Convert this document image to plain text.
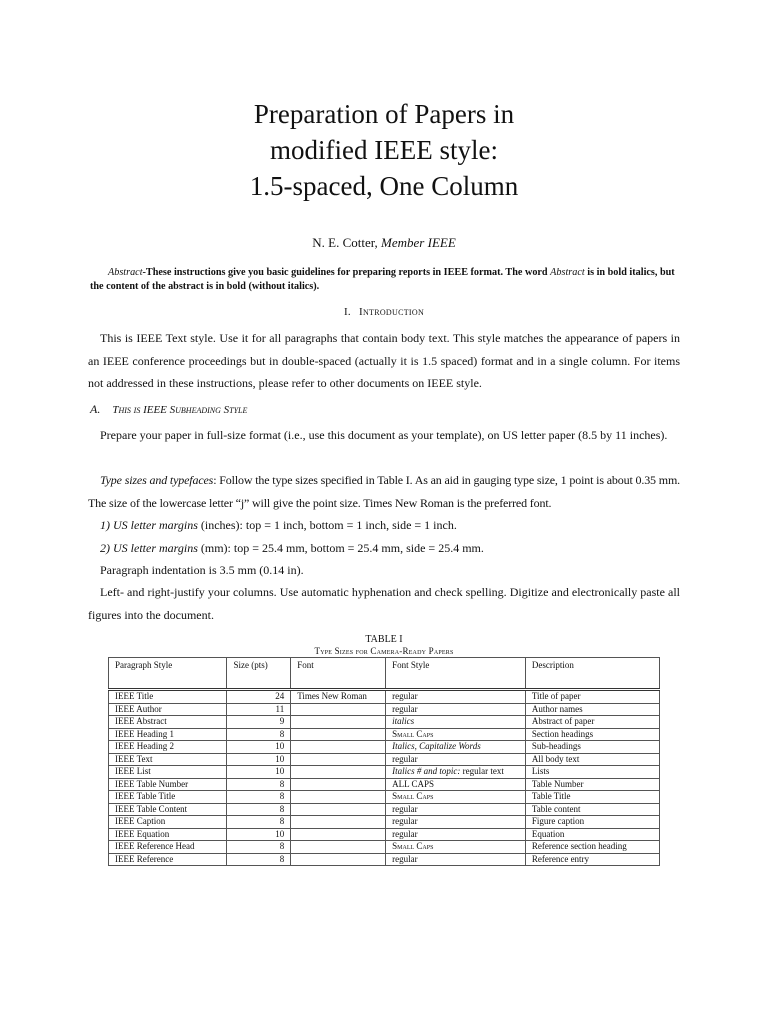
Preparation of Papers in
modified IEEE style:
1.5-spaced, One Column
N. E. Cotter, Member IEEE
Abstract-These instructions give you basic guidelines for preparing reports in IEEE format. The word Abstract is in bold italics, but the content of the abstract is in bold (without italics).
I. Introduction
This is IEEE Text style. Use it for all paragraphs that contain body text. This style matches the appearance of papers in an IEEE conference proceedings but in double-spaced (actually it is 1.5 spaced) format and in a single column. For items not addressed in these instructions, please refer to other documents on IEEE style.
A. This is IEEE Subheading Style
Prepare your paper in full-size format (i.e., use this document as your template), on US letter paper (8.5 by 11 inches).
Type sizes and typefaces: Follow the type sizes specified in Table I. As an aid in gauging type size, 1 point is about 0.35 mm. The size of the lowercase letter “j” will give the point size. Times New Roman is the preferred font.
1) US letter margins (inches): top = 1 inch, bottom = 1 inch, side = 1 inch.
2) US letter margins (mm): top = 25.4 mm, bottom = 25.4 mm, side = 25.4 mm.
Paragraph indentation is 3.5 mm (0.14 in).
Left- and right-justify your columns. Use automatic hyphenation and check spelling. Digitize and electronically paste all figures into the document.
TABLE I
Type Sizes for Camera-Ready Papers
Paragraph Style	Size (pts)	Font	Font Style	Description
IEEE Title	24	Times New Roman	regular	Title of paper
IEEE Author	11		regular	Author names
IEEE Abstract	9		italics	Abstract of paper
IEEE Heading 1	8		Small Caps	Section headings
IEEE Heading 2	10		Italics, Capitalize Words	Sub-headings
IEEE Text	10		regular	All body text
IEEE List	10		Italics # and topic: regular text	Lists
IEEE Table Number	8		ALL CAPS	Table Number
IEEE Table Title	8		Small Caps	Table Title
IEEE Table Content	8		regular	Table content
IEEE Caption	8		regular	Figure caption
IEEE Equation	10		regular	Equation
IEEE Reference Head	8		Small Caps	Reference section heading
IEEE Reference	8		regular	Reference entry
